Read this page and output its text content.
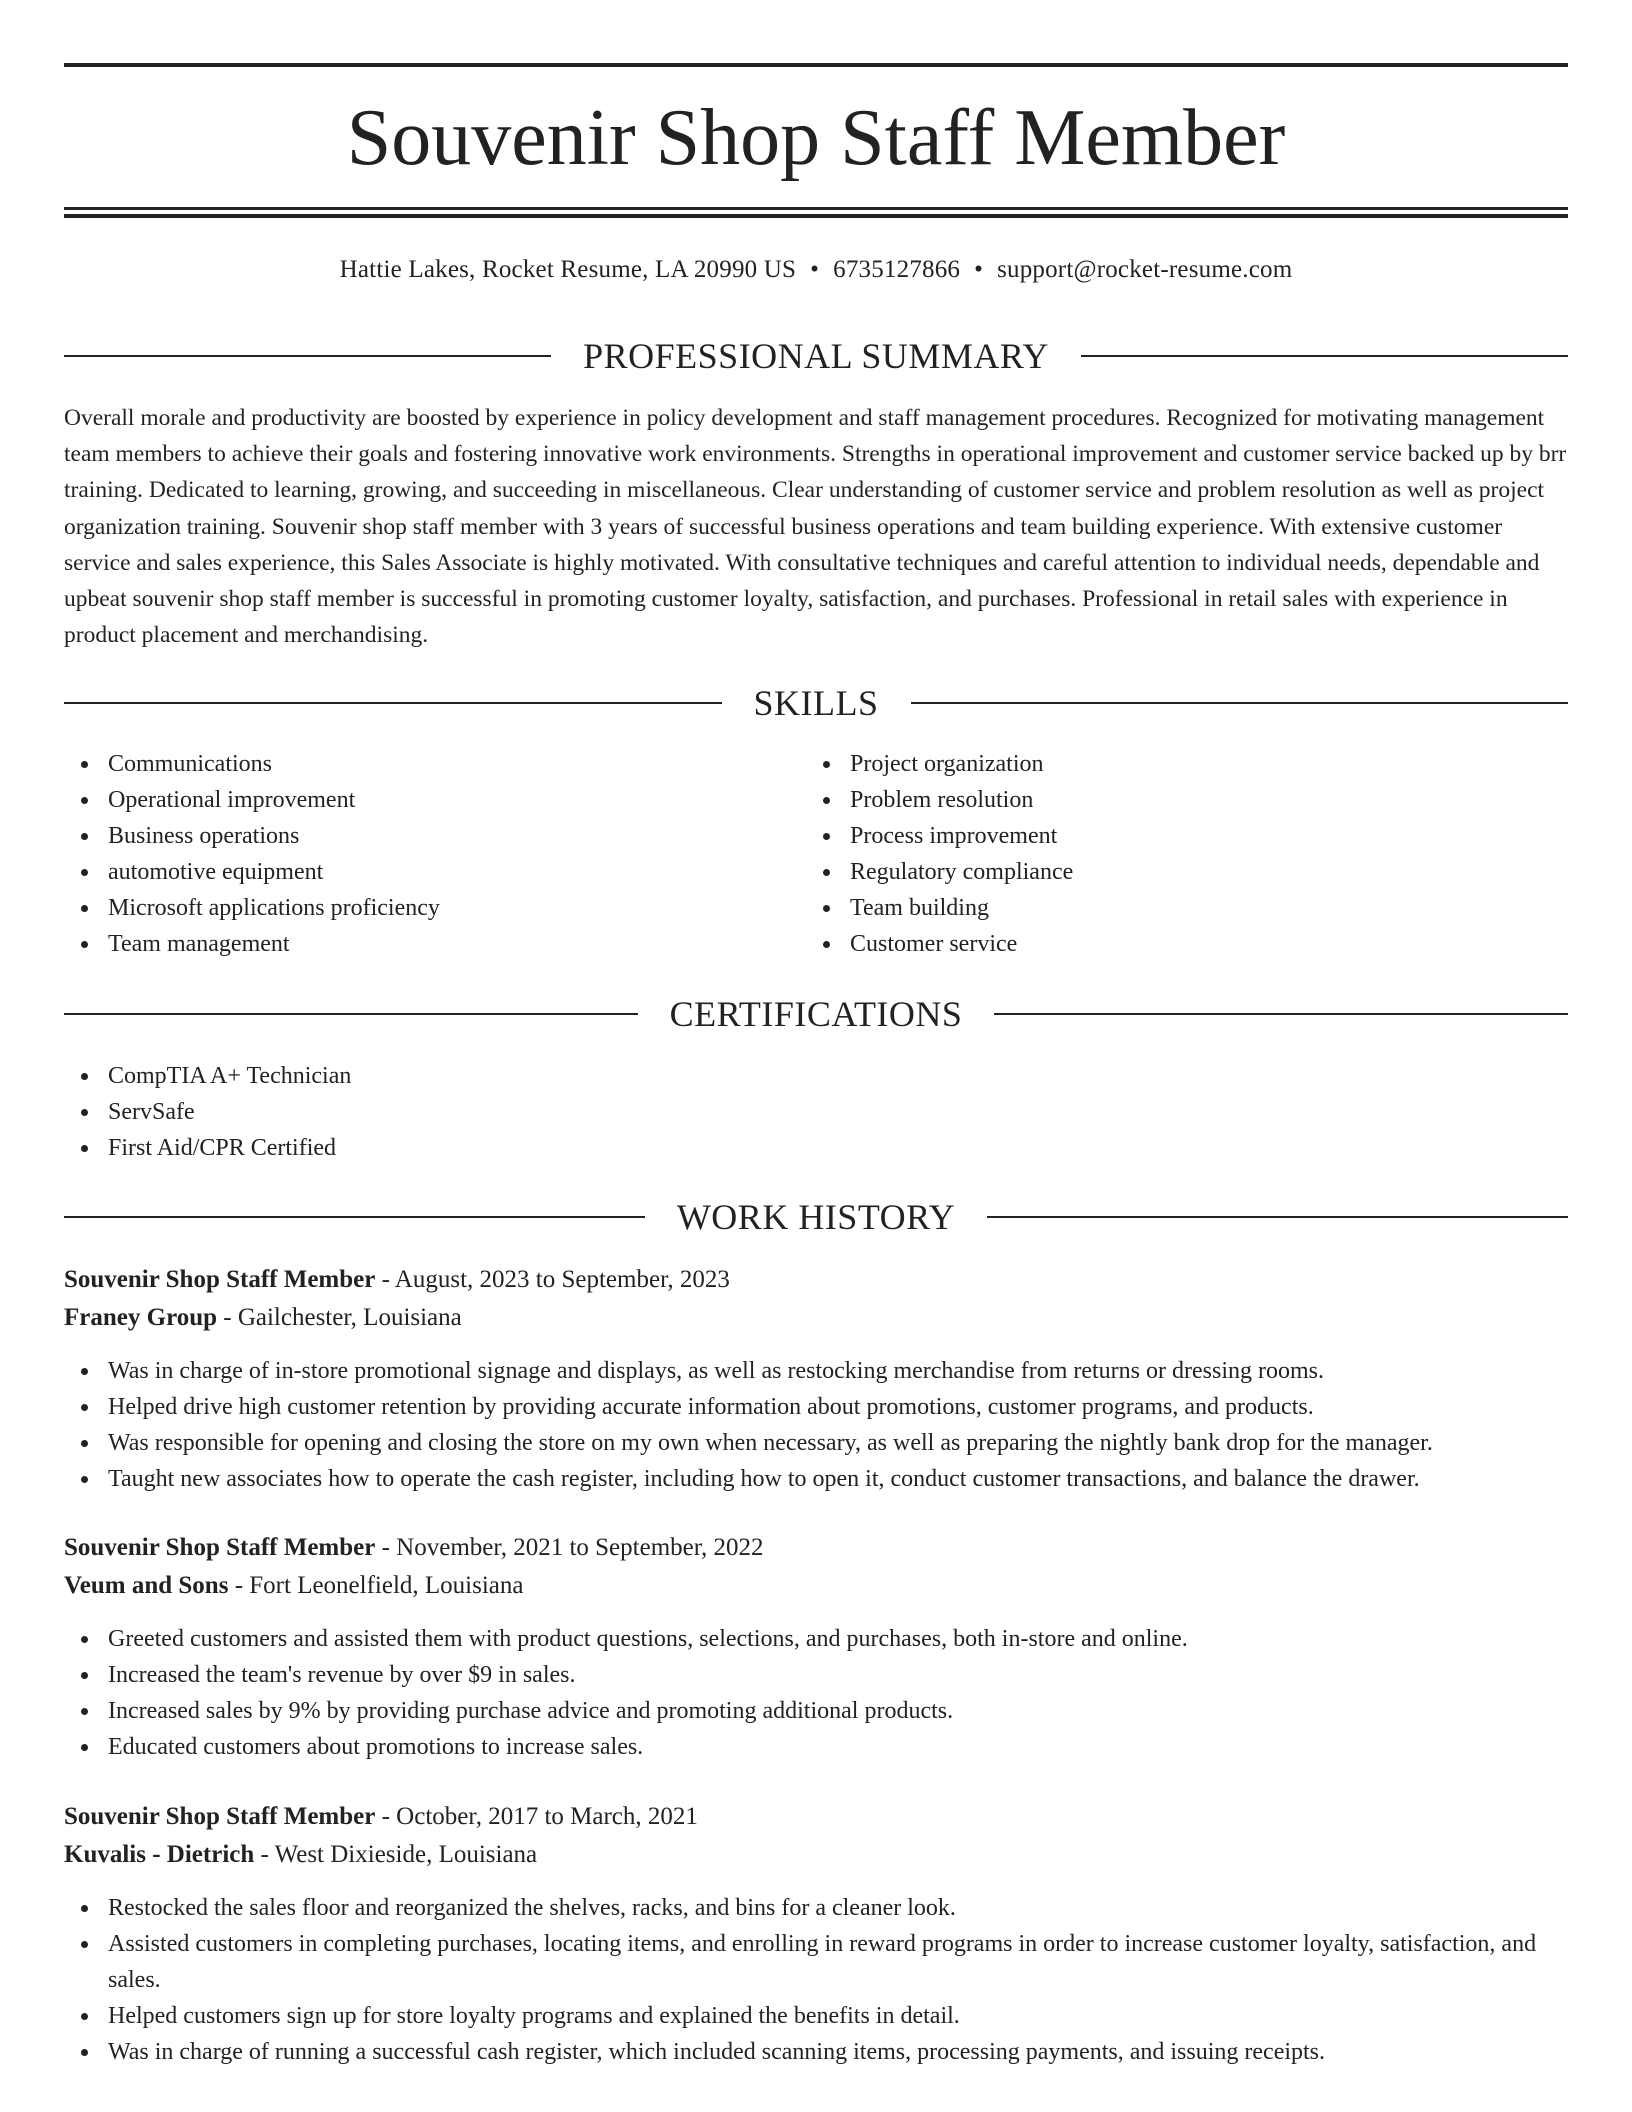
Souvenir Shop Staff Member
Hattie Lakes, Rocket Resume, LA 20990 US • 6735127866 • support@rocket-resume.com
PROFESSIONAL SUMMARY

Overall morale and productivity are boosted by experience in policy development and staff management procedures. Recognized for motivating management team members to achieve their goals and fostering innovative work environments. Strengths in operational improvement and customer service backed up by brr training. Dedicated to learning, growing, and succeeding in miscellaneous. Clear understanding of customer service and problem resolution as well as project organization training. Souvenir shop staff member with 3 years of successful business operations and team building experience. With extensive customer service and sales experience, this Sales Associate is highly motivated. With consultative techniques and careful attention to individual needs, dependable and upbeat souvenir shop staff member is successful in promoting customer loyalty, satisfaction, and purchases. Professional in retail sales with experience in product placement and merchandising.

SKILLS
Communications
Operational improvement
Business operations
automotive equipment
Microsoft applications proficiency
Team management
Project organization
Problem resolution
Process improvement
Regulatory compliance
Team building
Customer service
CERTIFICATIONS
CompTIA A+ Technician
ServSafe
First Aid/CPR Certified
WORK HISTORY
Souvenir Shop Staff Member - August, 2023 to September, 2023
Franey Group - Gailchester, Louisiana
Was in charge of in-store promotional signage and displays, as well as restocking merchandise from returns or dressing rooms.
Helped drive high customer retention by providing accurate information about promotions, customer programs, and products.
Was responsible for opening and closing the store on my own when necessary, as well as preparing the nightly bank drop for the manager.
Taught new associates how to operate the cash register, including how to open it, conduct customer transactions, and balance the drawer.
Souvenir Shop Staff Member - November, 2021 to September, 2022
Veum and Sons - Fort Leonelfield, Louisiana
Greeted customers and assisted them with product questions, selections, and purchases, both in-store and online.
Increased the team's revenue by over $9 in sales.
Increased sales by 9% by providing purchase advice and promoting additional products.
Educated customers about promotions to increase sales.
Souvenir Shop Staff Member - October, 2017 to March, 2021
Kuvalis - Dietrich - West Dixieside, Louisiana
Restocked the sales floor and reorganized the shelves, racks, and bins for a cleaner look.
Assisted customers in completing purchases, locating items, and enrolling in reward programs in order to increase customer loyalty, satisfaction, and sales.
Helped customers sign up for store loyalty programs and explained the benefits in detail.
Was in charge of running a successful cash register, which included scanning items, processing payments, and issuing receipts.
